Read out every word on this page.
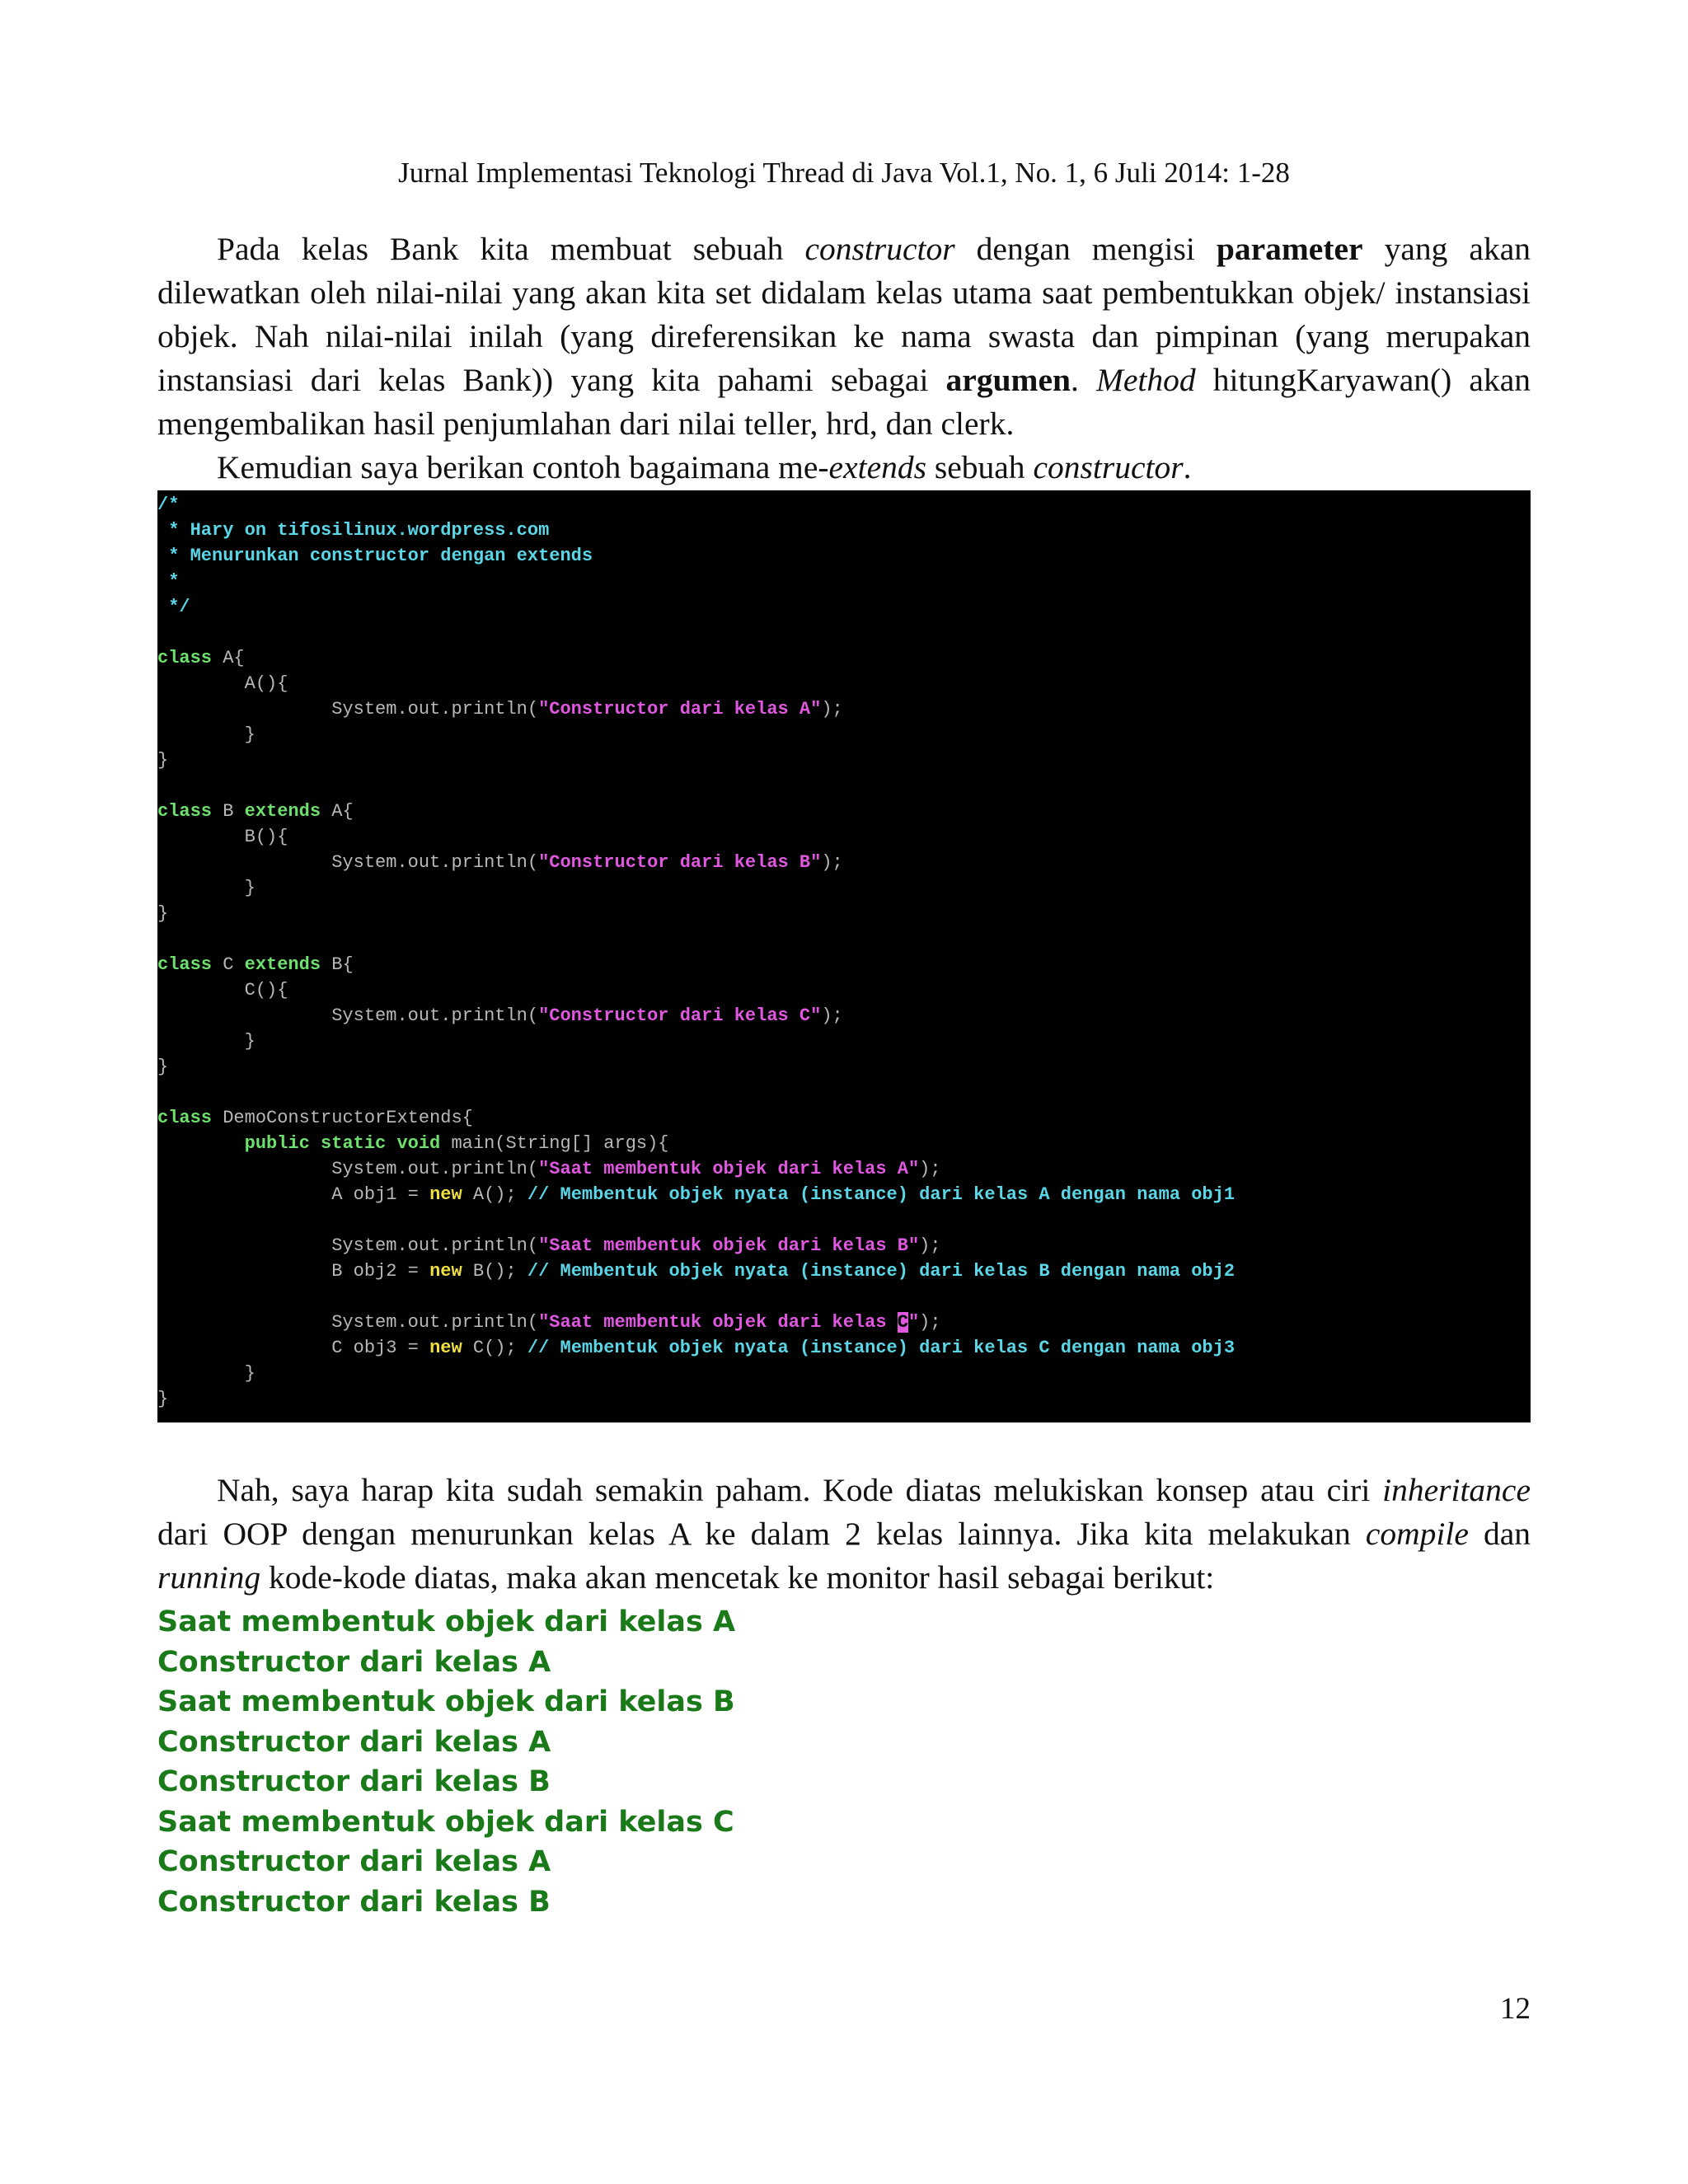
Jurnal Implementasi Teknologi Thread di Java Vol.1, No. 1, 6 Juli 2014: 1-28

Pada kelas Bank kita membuat sebuah constructor dengan mengisi parameter yang akan dilewatkan oleh nilai-nilai yang akan kita set didalam kelas utama saat pembentukkan objek/ instansiasi objek. Nah nilai-nilai inilah (yang direferensikan ke nama swasta dan pimpinan (yang merupakan instansiasi dari kelas Bank)) yang kita pahami sebagai argumen. Method hitungKaryawan() akan mengembalikan hasil penjumlahan dari nilai teller, hrd, dan clerk.

Kemudian saya berikan contoh bagaimana me-extends sebuah constructor.

/*
* Hary on tifosilinux.wordpress.com
* Menurunkan constructor dengan extends
*
*/
class A{
A(){
System.out.println("Constructor dari kelas A");
}
}
class B extends A{
B(){
System.out.println("Constructor dari kelas B");
}
}
class C extends B{
C(){
System.out.println("Constructor dari kelas C");
}
}
class DemoConstructorExtends{
public static void main(String[] args){
System.out.println("Saat membentuk objek dari kelas A");
A obj1 = new A(); // Membentuk objek nyata (instance) dari kelas A dengan nama obj1
System.out.println("Saat membentuk objek dari kelas B");
B obj2 = new B(); // Membentuk objek nyata (instance) dari kelas B dengan nama obj2
System.out.println("Saat membentuk objek dari kelas C");
C obj3 = new C(); // Membentuk objek nyata (instance) dari kelas C dengan nama obj3
}
}

Nah, saya harap kita sudah semakin paham. Kode diatas melukiskan konsep atau ciri inheritance dari OOP dengan menurunkan kelas A ke dalam 2 kelas lainnya. Jika kita melakukan compile dan running kode-kode diatas, maka akan mencetak ke monitor hasil sebagai berikut:

Saat membentuk objek dari kelas A
Constructor dari kelas A
Saat membentuk objek dari kelas B
Constructor dari kelas A
Constructor dari kelas B
Saat membentuk objek dari kelas C
Constructor dari kelas A
Constructor dari kelas B
12
